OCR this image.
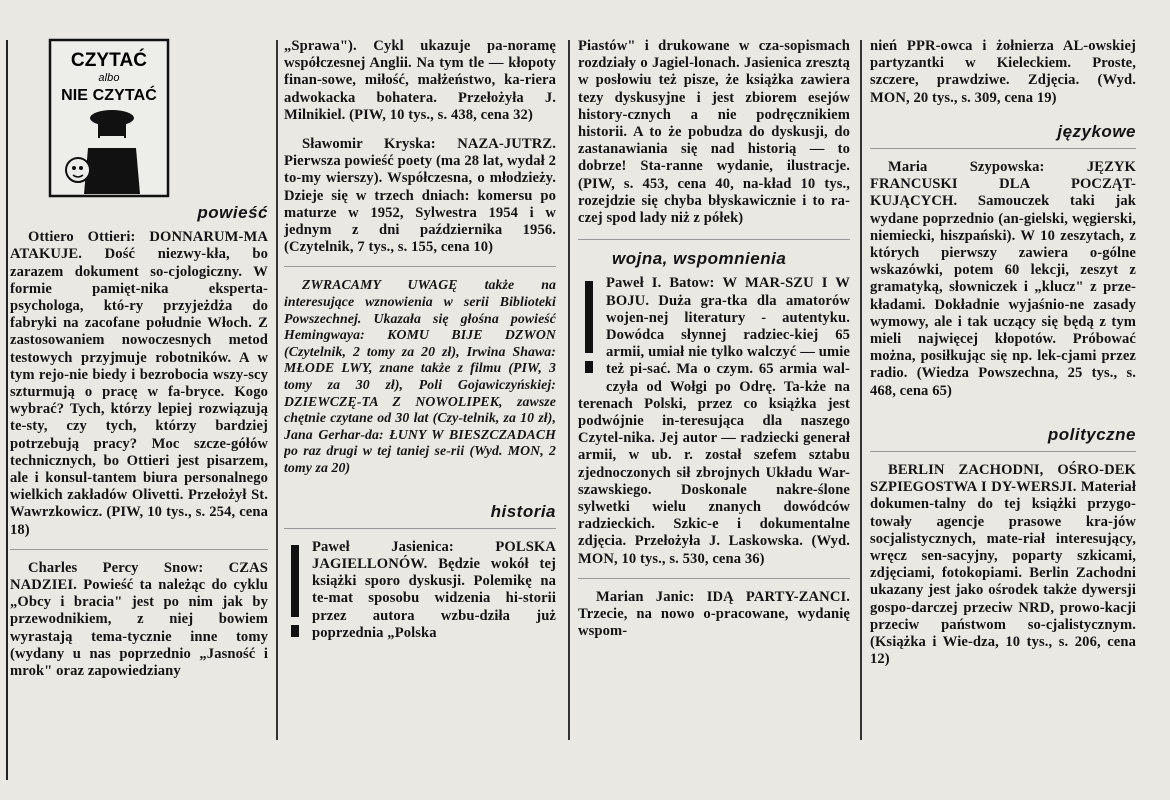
CZYTAĆ
albo
NIE CZYTAĆ
powieść

Ottiero Ottieri: DONNARUM-MA ATAKUJE. Dość niezwy-kła, bo zarazem dokument so-cjologiczny. W formie pamięt-nika eksperta-psychologa, któ-ry przyjeżdża do fabryki na zacofane południe Włoch. Z zastosowaniem nowoczesnych metod testowych przyjmuje robotników. A w tym rejo-nie biedy i bezrobocia wszy-scy szturmują o pracę w fa-bryce. Kogo wybrać? Tych, którzy lepiej rozwiązują te-sty, czy tych, którzy bardziej potrzebują pracy? Moc szcze-gółów technicznych, bo Ottieri jest pisarzem, ale i konsul-tantem biura personalnego wielkich zakładów Olivetti. Przełożył St. Wawrzkowicz. (PIW, 10 tys., s. 254, cena 18)

Charles Percy Snow: CZAS NADZIEI. Powieść ta należąc do cyklu „Obcy i bracia" jest po nim jak by przewodnikiem, z niej bowiem wyrastają tema-tycznie inne tomy (wydany u nas poprzednio „Jasność i mrok" oraz zapowiedziany

„Sprawa"). Cykl ukazuje pa-noramę współczesnej Anglii. Na tym tle — kłopoty finan-sowe, miłość, małżeństwo, ka-riera adwokacka bohatera. Przełożyła J. Milnikiel. (PIW, 10 tys., s. 438, cena 32)

Sławomir Kryska: NAZA-JUTRZ. Pierwsza powieść poety (ma 28 lat, wydał 2 to-my wierszy). Współczesna, o młodzieży. Dzieje się w trzech dniach: komersu po maturze w 1952, Sylwestra 1954 i w jednym z dni października 1956. (Czytelnik, 7 tys., s. 155, cena 10)

ZWRACAMY UWAGĘ także na interesujące wznowienia w serii Biblioteki Powszechnej. Ukazała się głośna powieść Hemingwaya: KOMU BIJE DZWON (Czytelnik, 2 tomy za 20 zł), Irwina Shawa: MŁODE LWY, znane także z filmu (PIW, 3 tomy za 30 zł), Poli Gojawiczyńskiej: DZIEWCZĘ-TA Z NOWOLIPEK, zawsze chętnie czytane od 30 lat (Czy-telnik, za 10 zł), Jana Gerhar-da: ŁUNY W BIESZCZADACH po raz drugi w tej taniej se-rii (Wyd. MON, 2 tomy za 20)

historia

Paweł Jasienica:	POLSKA JAGIELLONÓW. Będzie wokół tej książki sporo dyskusji. Polemikę na te-mat sposobu widzenia hi-storii przez autora wzbu-dziła już poprzednia „Polska

Piastów" i drukowane w cza-sopismach rozdziały o Jagiel-lonach. Jasienica zresztą w posłowiu też pisze, że książka zawiera tezy dyskusyjne i jest zbiorem esejów history-cznych a nie podręcznikiem historii. A to że pobudza do dyskusji, do zastanawiania się nad historią — to dobrze! Sta-ranne wydanie, ilustracje. (PIW, s. 453, cena 40, na-kład 10 tys., rozejdzie się chyba błyskawicznie i to ra-czej spod lady niż z półek)

wojna, wspomnienia

Paweł I. Batow: W MAR-SZU I W BOJU. Duża gra-tka dla amatorów wojen-nej literatury - autentyku. Dowódca słynnej radziec-kiej 65 armii, umiał nie tylko walczyć — umie też pi-sać. Ma o czym. 65 armia wal-czyła od Wołgi po Odrę. Ta-kże na terenach Polski, przez co książka jest podwójnie in-teresująca dla naszego Czytel-nika. Jej autor — radziecki generał armii, w ub. r. został szefem sztabu zjednoczonych sił zbrojnych Układu War-szawskiego. Doskonale nakre-ślone sylwetki wielu znanych dowódców radzieckich. Szkic-e i dokumentalne zdjęcia. Przełożyła J. Laskowska. (Wyd. MON, 10 tys., s. 530, cena 36)

Marian Janic: IDĄ PARTY-ZANCI. Trzecie, na nowo o-pracowane, wydanię wspom-

nień PPR-owca i żołnierza AL-owskiej partyzantki w Kieleckiem. Proste, szczere, prawdziwe. Zdjęcia. (Wyd. MON, 20 tys., s. 309, cena 19)

językowe

Maria Szypowska:	JĘZYK FRANCUSKI DLA POCZĄT-KUJĄCYCH. Samouczek taki jak wydane poprzednio (an-gielski, węgierski, niemiecki, hiszpański). W 10 zeszytach, z których pierwszy zawiera o-gólne wskazówki, potem 60 lekcji, zeszyt z gramatyką, słowniczek i „klucz" z prze-kładami. Dokładnie wyjaśnio-ne zasady wymowy, ale i tak uczący się będą z tym mieli najwięcej kłopotów. Próbować można, posiłkując się np. lek-cjami przez radio. (Wiedza Powszechna, 25 tys., s. 468, cena 65)

polityczne

BERLIN ZACHODNI, OŚRO-DEK SZPIEGOSTWA I DY-WERSJI. Materiał dokumen-talny do tej książki przygo-towały agencje prasowe kra-jów socjalistycznych, mate-riał interesujący, wręcz sen-sacyjny, poparty szkicami, zdjęciami, fotokopiami. Berlin Zachodni ukazany jest jako ośrodek także dywersji gospo-darczej przeciw NRD, prowo-kacji przeciw państwom so-cjalistycznym. (Książka i Wie-dza, 10 tys., s. 206, cena 12)
